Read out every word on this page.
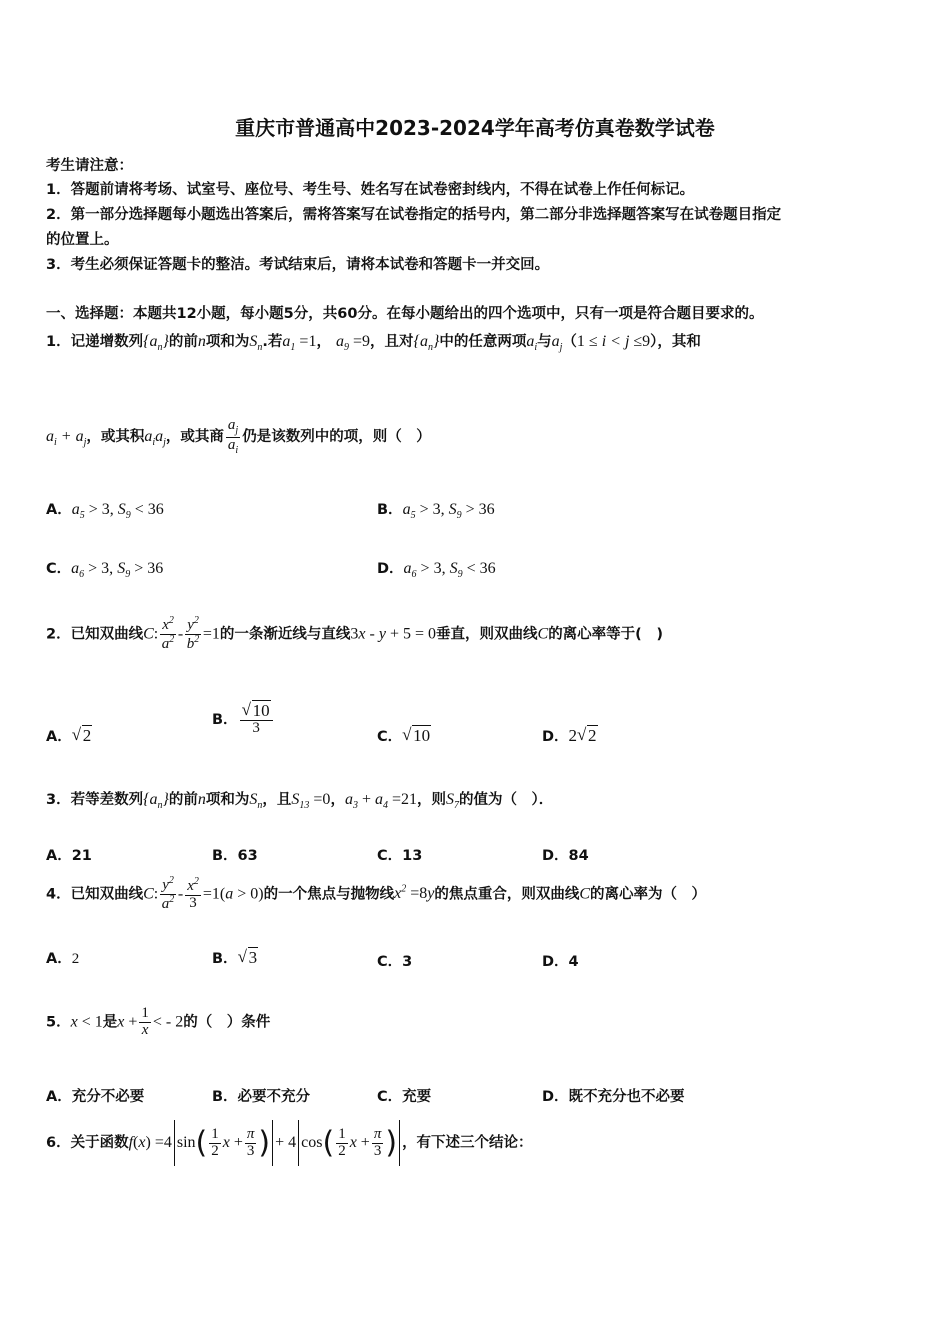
重庆市普通高中2023-2024学年高考仿真卷数学试卷
考生请注意：
1．答题前请将考场、试室号、座位号、考生号、姓名写在试卷密封线内，不得在试卷上作任何标记。
2．第一部分选择题每小题选出答案后，需将答案写在试卷指定的括号内，第二部分非选择题答案写在试卷题目指定
的位置上。
3．考生必须保证答题卡的整洁。考试结束后，请将本试卷和答题卡一并交回。
一、选择题：本题共12小题，每小题5分，共60分。在每小题给出的四个选项中，只有一项是符合题目要求的。
1．记递增数列$\{a_n\}$的前n项和为$S_n$.若$a_1 =1$， $a_9 =9$，且对$\{a_n\}$中的任意两项$a_i$与$a_j(1 \le i < j \le 9)$，其和
$a_i + a_j$，或其积$a_ia_j$，或其商 $\frac{a_j}{a_i}$ 仍是该数列中的项，则（　）
A．$a_5 > 3$, $S_9 < 36$	B．$a_5 > 3$, $S_9 > 36$
C．$a_6 > 3$, $S_9 > 36$	D．$a_6 > 3$, $S_9 < 36$
2．已知双曲线C: $\frac{x^2}{a^2} - \frac{y^2}{b^2} =1$的一条渐近线与直线3x - y + 5 = 0垂直，则双曲线C的离心率等于(　)
A． √ 2
B． √ $\frac{10}{3}$
C． √ 10	D．2 √ 2
3．若等差数列$\{a_n\}$的前n项和为$S_n$，且$S_{13} =0$，$a_3 + a_4 =21$，则$S_7$的值为（　）．
A．21	B．63	C．13	D．84
4．已知双曲线C: $\frac{y^2}{a^2} - \frac{x^2}{3} =1(a > 0)$的一个焦点与抛物线$x^2 =8y$的焦点重合，则双曲线C的离心率为（　）
A．2	B． √ 3	C．3	D．4
5．x < 1是$x + \frac{1}{x}$ < - 2的（　）条件
A．充分不必要	B．必要不充分	C．充要	D．既不充分也不必要
6．关于函数f(x) =4 $\sin( \frac{1}{2}$ $x + \frac{\pi}{3}$ ) + 4 $\cos( \frac{1}{2}$ $x + \frac{\pi}{3}$ ) ，有下述三个结论：
